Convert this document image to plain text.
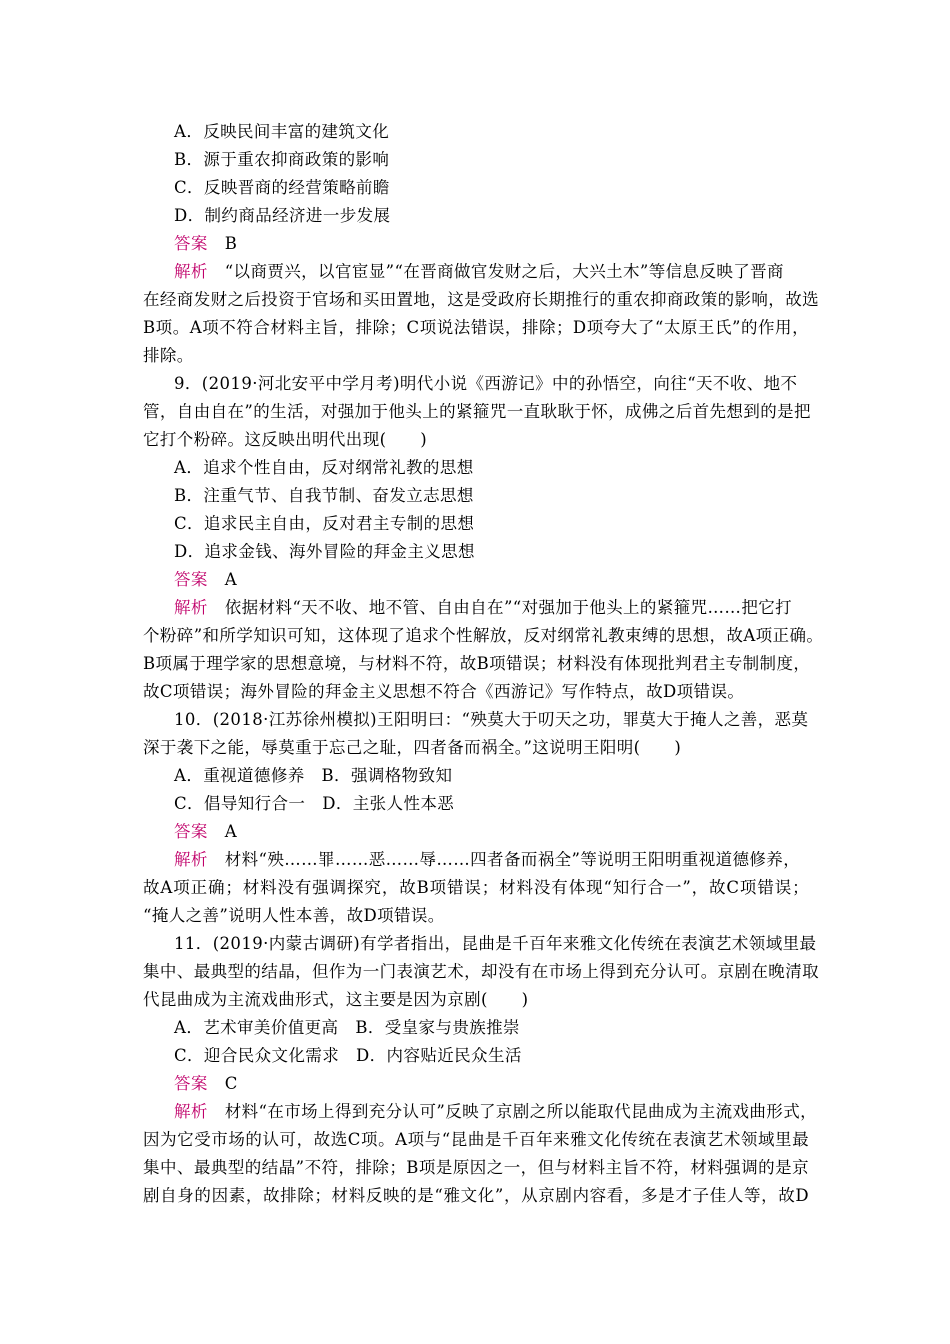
A．反映民间丰富的建筑文化
B．源于重农抑商政策的影响
C．反映晋商的经营策略前瞻
D．制约商品经济进一步发展
答案　 B
解析　 “以商贾兴，以官宦显”“在晋商做官发财之后，大兴土木”等信息反映了晋商
在经商发财之后投资于官场和买田置地，这是受政府长期推行的重农抑商政策的影响，故选
B项。A项不符合材料主旨，排除；C项说法错误，排除；D项夸大了“太原王氏”的作用，
排除。
9．(2019·河北安平中学月考)明代小说《西游记》中的孙悟空，向往“天不收、地不
管，自由自在”的生活，对强加于他头上的紧箍咒一直耿耿于怀，成佛之后首先想到的是把
它打个粉碎。这反映出明代出现(　　)
A．追求个性自由，反对纲常礼教的思想
B．注重气节、自我节制、奋发立志思想
C．追求民主自由，反对君主专制的思想
D．追求金钱、海外冒险的拜金主义思想
答案　 A
解析　 依据材料“天不收、地不管、自由自在”“对强加于他头上的紧箍咒……把它打
个粉碎”和所学知识可知，这体现了追求个性解放，反对纲常礼教束缚的思想，故A项正确。
B项属于理学家的思想意境，与材料不符，故B项错误；材料没有体现批判君主专制制度，
故C项错误；海外冒险的拜金主义思想不符合《西游记》写作特点，故D项错误。
10．(2018·江苏徐州模拟)王阳明曰：“殃莫大于叨天之功，罪莫大于掩人之善，恶莫
深于袭下之能，辱莫重于忘己之耻，四者备而祸全。”这说明王阳明(　　)
A．重视道德修养　B．强调格物致知
C．倡导知行合一　D．主张人性本恶
答案　 A
解析　 材料“殃……罪……恶……辱……四者备而祸全”等说明王阳明重视道德修养，
故A项正确；材料没有强调探究，故B项错误；材料没有体现“知行合一”，故C项错误；
“掩人之善”说明人性本善，故D项错误。
11．(2019·内蒙古调研)有学者指出，昆曲是千百年来雅文化传统在表演艺术领域里最
集中、最典型的结晶，但作为一门表演艺术，却没有在市场上得到充分认可。京剧在晚清取
代昆曲成为主流戏曲形式，这主要是因为京剧(　　)
A．艺术审美价值更高　B．受皇家与贵族推崇
C．迎合民众文化需求　D．内容贴近民众生活
答案　 C
解析　 材料“在市场上得到充分认可”反映了京剧之所以能取代昆曲成为主流戏曲形式，
因为它受市场的认可，故选C项。A项与“昆曲是千百年来雅文化传统在表演艺术领域里最
集中、最典型的结晶”不符，排除；B项是原因之一，但与材料主旨不符，材料强调的是京
剧自身的因素，故排除；材料反映的是“雅文化”，从京剧内容看，多是才子佳人等，故D
